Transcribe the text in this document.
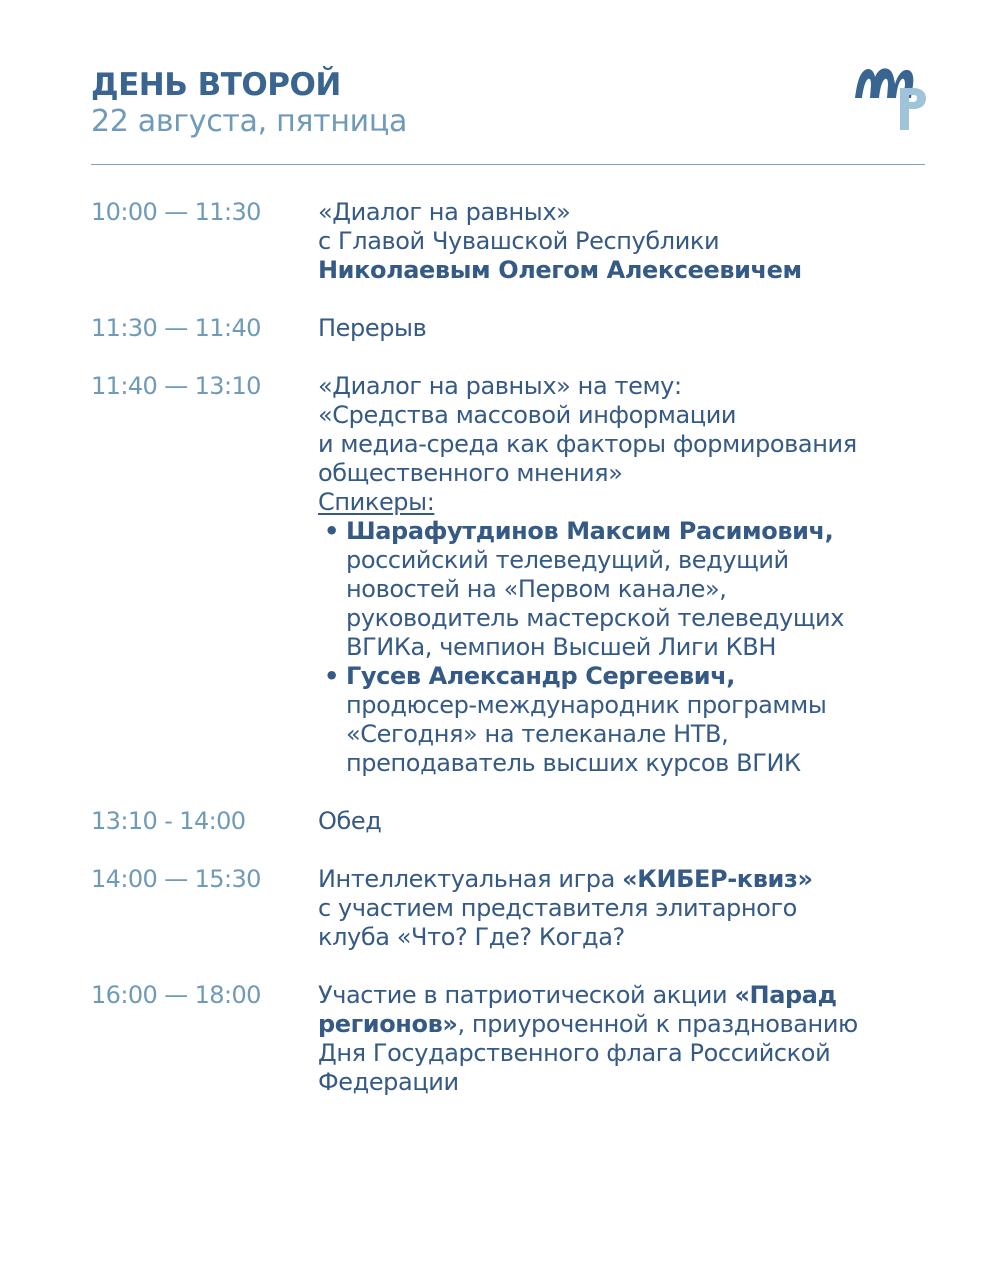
ДЕНЬ ВТОРОЙ
22 августа, пятница
10:00 — 11:30	«Диалог на равных»
с Главой Чувашской Республики
Николаевым Олегом Алексеевичем
11:30 — 11:40	Перерыв
11:40 — 13:10	«Диалог на равных» на тему:
«Средства массовой информации
и медиа-среда как факторы формирования
общественного мнения»
Спикеры:
• Шарафутдинов Максим Расимович,
российский телеведущий, ведущий
новостей на «Первом канале»,
руководитель мастерской телеведущих
ВГИКа, чемпион Высшей Лиги КВН
• Гусев Александр Сергеевич,
продюсер-международник программы
«Сегодня» на телеканале НТВ,
преподаватель высших курсов ВГИК
13:10 - 14:00	Обед
14:00 — 15:30	Интеллектуальная игра «КИБЕР-квиз»
с участием представителя элитарного
клуба «Что? Где? Когда?
16:00 — 18:00	Участие в патриотической акции «Парад
регионов», приуроченной к празднованию
Дня Государственного флага Российской
Федерации
